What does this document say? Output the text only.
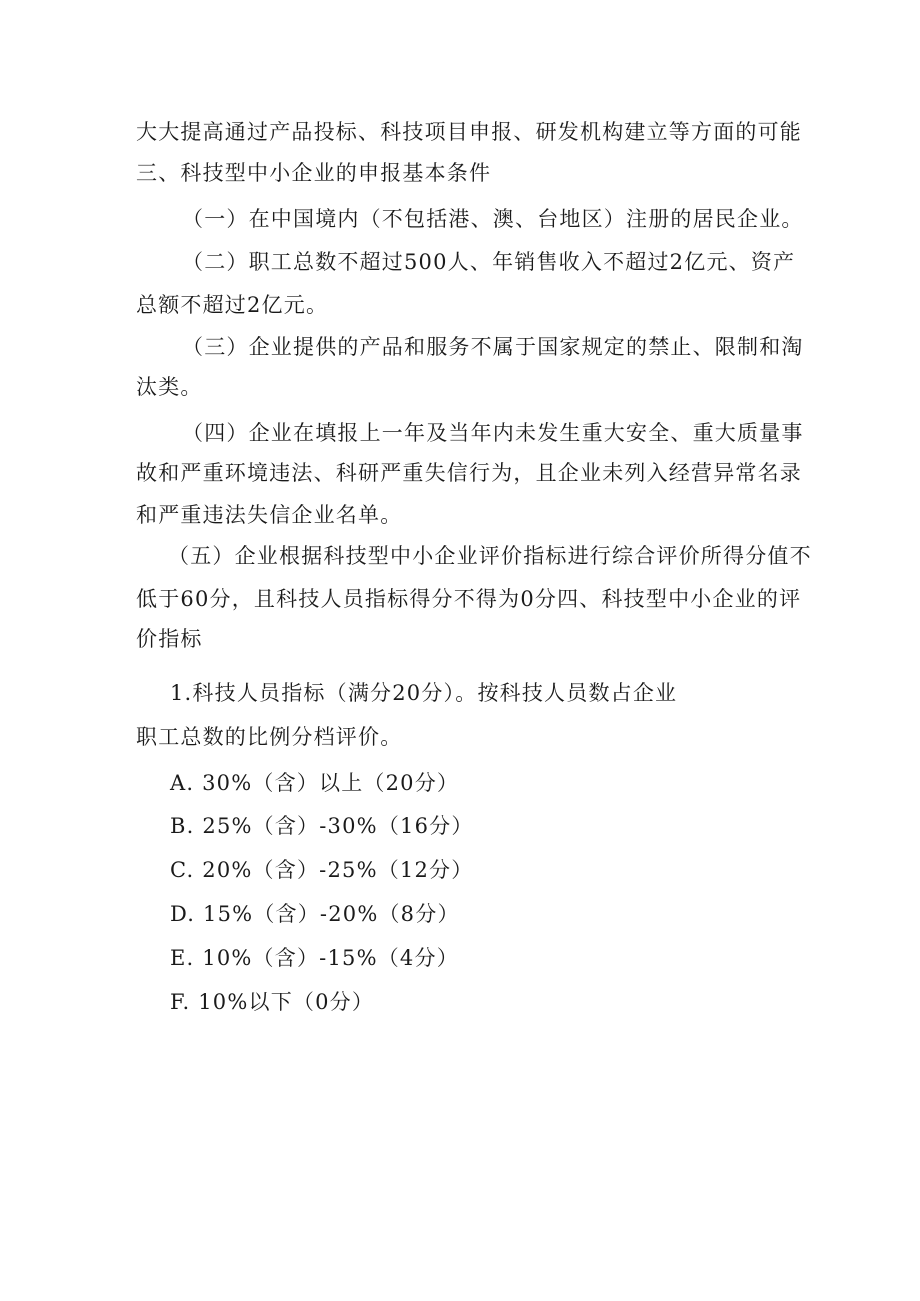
大大提高通过产品投标、科技项目申报、研发机构建立等方面的可能
三、科技型中小企业的申报基本条件
（一）在中国境内（不包括港、澳、台地区）注册的居民企业。
（二）职工总数不超过500人、年销售收入不超过2亿元、资产
总额不超过2亿元。
（三）企业提供的产品和服务不属于国家规定的禁止、限制和淘
汰类。
（四）企业在填报上一年及当年内未发生重大安全、重大质量事
故和严重环境违法、科研严重失信行为，且企业未列入经营异常名录
和严重违法失信企业名单。
（五）企业根据科技型中小企业评价指标进行综合评价所得分值不
低于60分，且科技人员指标得分不得为0分四、科技型中小企业的评
价指标
1.科技人员指标（满分20分）。按科技人员数占企业
职工总数的比例分档评价。
A. 30%（含）以上（20分）
B. 25%（含）-30%（16分）
C. 20%（含）-25%（12分）
D. 15%（含）-20%（8分）
E. 10%（含）-15%（4分）
F. 10%以下（0分）
